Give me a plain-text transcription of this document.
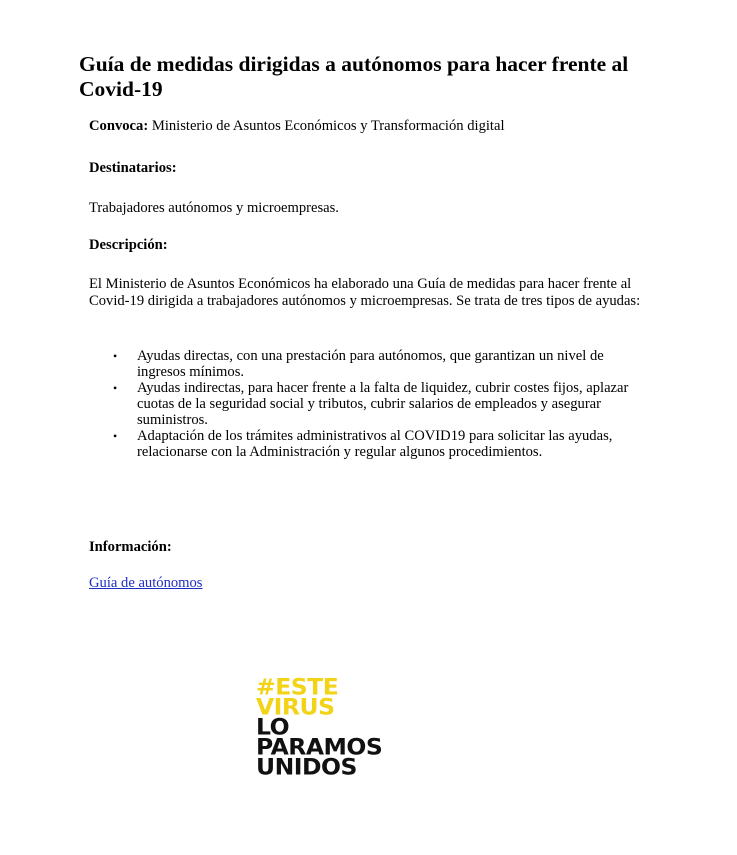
Guía de medidas dirigidas a autónomos para hacer frente al Covid-19

Convoca: Ministerio de Asuntos Económicos y Transformación digital

Destinatarios:

Trabajadores autónomos y microempresas.

Descripción:

El Ministerio de Asuntos Económicos ha elaborado una Guía de medidas para hacer frente al Covid-19 dirigida a trabajadores autónomos y microempresas. Se trata de tres tipos de ayudas:

• Ayudas directas, con una prestación para autónomos, que garantizan un nivel de ingresos mínimos.
• Ayudas indirectas, para hacer frente a la falta de liquidez, cubrir costes fijos, aplazar cuotas de la seguridad social y tributos, cubrir salarios de empleados y asegurar suministros.
• Adaptación de los trámites administrativos al COVID19 para solicitar las ayudas, relacionarse con la Administración y regular algunos procedimientos.

Información:

Guía de autónomos
#ESTE
VIRUS
LO
PARAMOS
UNIDOS
